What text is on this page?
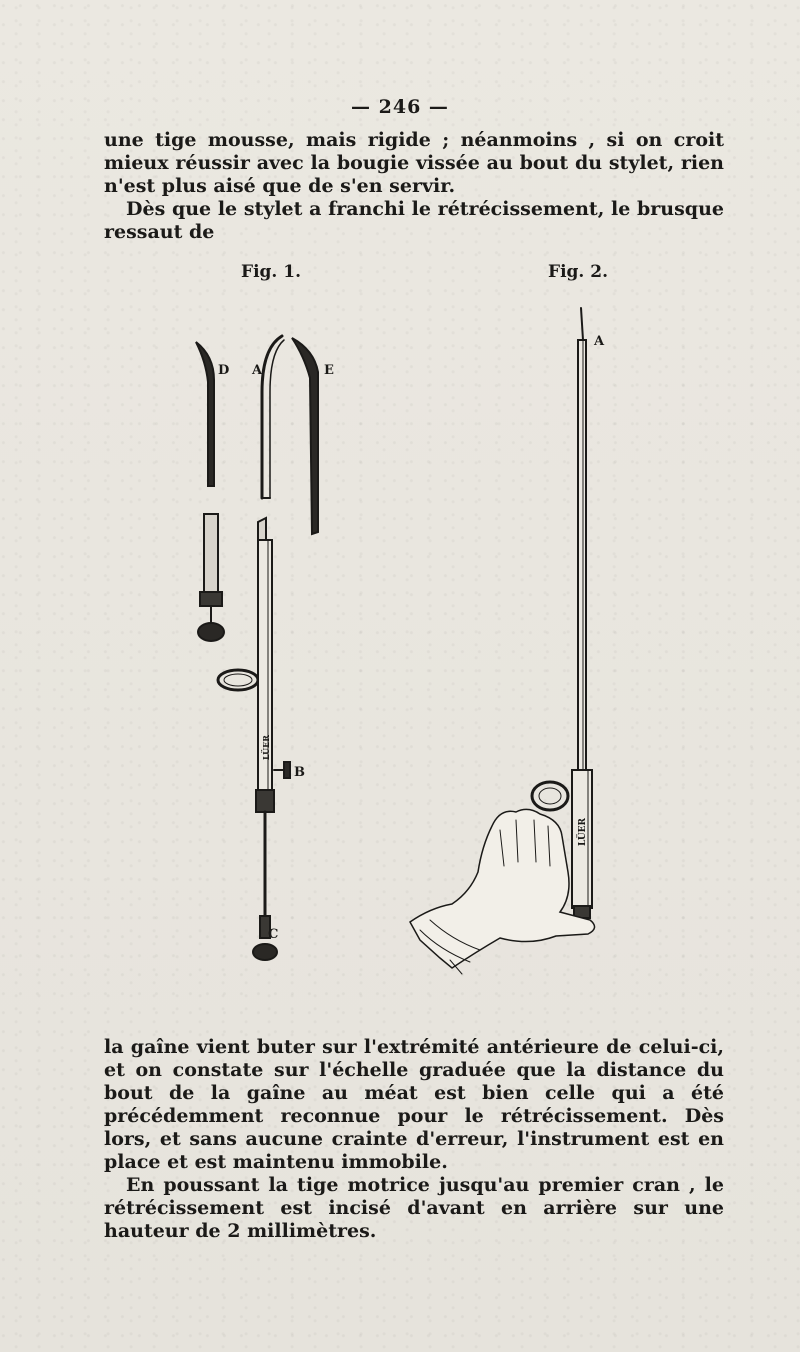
— 246 —

une tige mousse, mais rigide ; néanmoins , si on croit mieux réussir avec la bougie vissée au bout du stylet, rien n'est plus aisé que de s'en servir.

Dès que le stylet a franchi le rétrécissement, le brusque ressaut de

Fig. 1.	Fig. 2.
D A	E
B
C
A
LÜER
LÜER

la gaîne vient buter sur l'extrémité antérieure de celui-ci, et on constate sur l'échelle graduée que la distance du bout de la gaîne au méat est bien celle qui a été précédemment reconnue pour le rétrécissement. Dès lors, et sans aucune crainte d'erreur, l'instrument est en place et est maintenu immobile.

En poussant la tige motrice jusqu'au premier cran , le rétrécissement est incisé d'avant en arrière sur une hauteur de 2 millimètres.
